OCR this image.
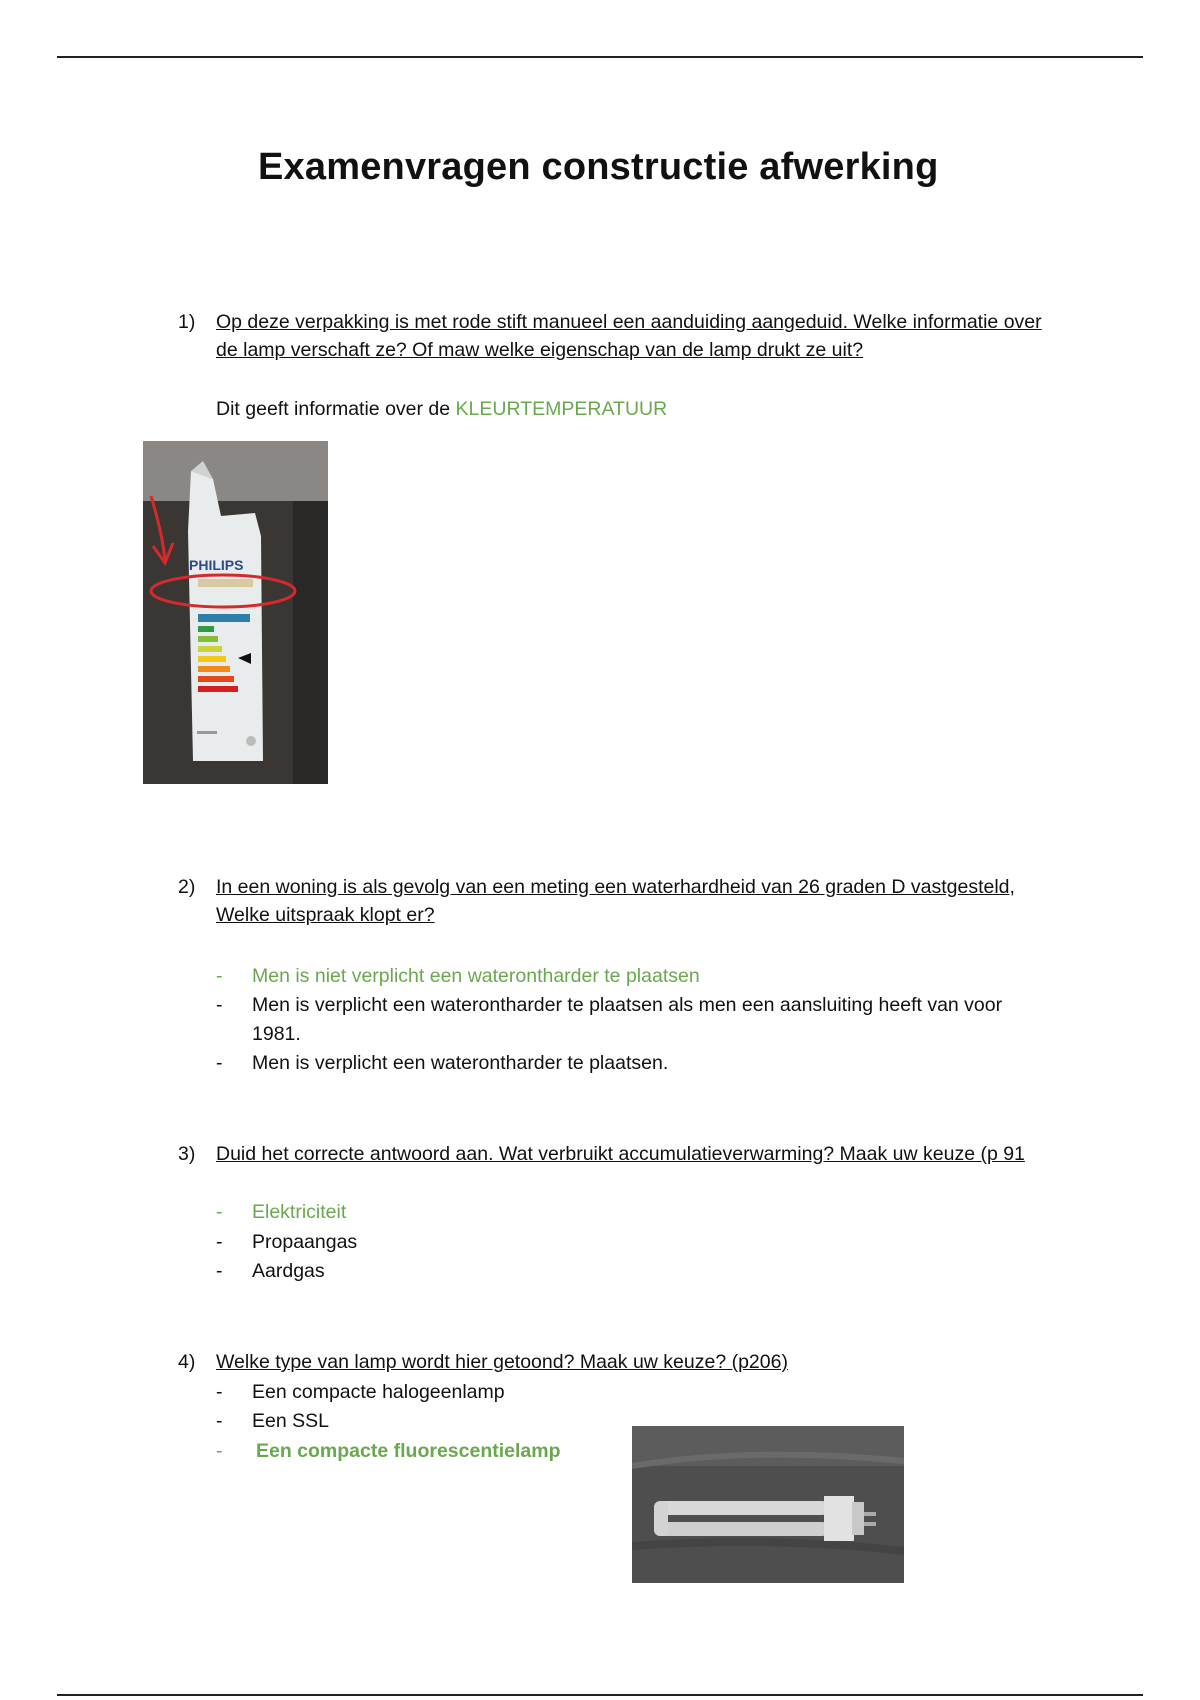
Examenvragen constructie afwerking
1) Op deze verpakking is met rode stift manueel een aanduiding aangeduid. Welke informatie over de lamp verschaft ze? Of maw welke eigenschap van de lamp drukt ze uit?
Dit geeft informatie over de KLEURTEMPERATUUR
PHILIPS
2) In een woning is als gevolg van een meting een waterhardheid van 26 graden D vastgesteld, Welke uitspraak klopt er?
- Men is niet verplicht een waterontharder te plaatsen
- Men is verplicht een waterontharder te plaatsen als men een aansluiting heeft van voor 1981.
- Men is verplicht een waterontharder te plaatsen.
3) Duid het correcte antwoord aan. Wat verbruikt accumulatieverwarming? Maak uw keuze (p 91
- Elektriciteit
- Propaangas
- Aardgas
4) Welke type van lamp wordt hier getoond? Maak uw keuze? (p206)
- Een compacte halogeenlamp
- Een SSL
- Een compacte fluorescentielamp
